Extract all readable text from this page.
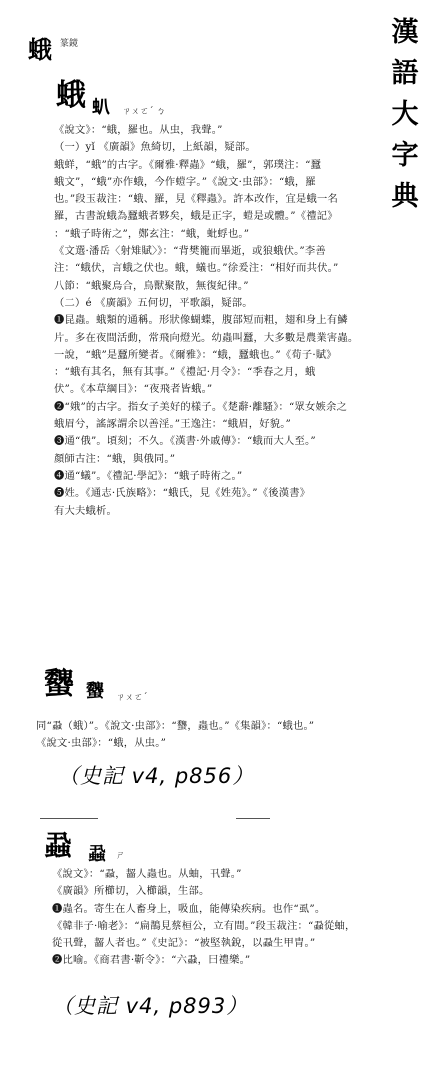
漢語大字典
蛾 篆鏡
蛾 𧈢 ㄗㄨㄛˊ ㄅ
《說文》：“蛾，羅也。从虫，我聲。”
（一）yǐ 《廣韻》魚綺切，上紙韻，疑部。
蛾蛘，“蛾”的古字。《爾雅·釋蟲》“蛾，羅”，郭璞注：“蠶
蛾文”，“蛾”亦作蛾，今作螘字。”《說文·虫部》：“蛾，羅
也。”段玉裁注：“蛾、羅，見《釋蟲》。許本改作，宜是蛾一名
羅，古書說蛾為蠶蛾者夥矣，蛾是正字，螘是或體。”《禮記》
：“蛾子時術之”，鄭玄注：“蛾，蚍蜉也。”
《文選·潘岳〈射雉賦〉》：“背樊籠而畢逝，或狼蛾伏。”李善
注：“蛾伏，言蛾之伏也。蛾，蟻也。”徐爰注：“相好而共伏。”
八節：“蛾聚烏合，鳥獸聚散，無復紀律。”
（二）é 《廣韻》五何切，平歌韻，疑部。
❶昆蟲。蛾類的通稱。形狀像蝴蝶，腹部短而粗，翅和身上有鱗
片。多在夜間活動，常飛向燈光。幼蟲叫蠶，大多數是農業害蟲。
一說，“蛾”是蠶所變者。《爾雅》：“蛾，蠶蛾也。”《荀子·賦》
：“蛾有其名，無有其事。”《禮記·月令》：“季春之月，蛾
伏”。《本草綱目》：“夜飛者皆蛾。”
❷“娥”的古字。指女子美好的樣子。《楚辭·離騷》：“眾女嫉余之
蛾眉兮，謠諑謂余以善淫。”王逸注：“蛾眉，好貌。”
❸通“俄”。頃刻；不久。《漢書·外戚傳》：“蛾而大人至。”
顏師古注：“蛾，與俄同。”
❹通“蟻”。《禮記·學記》：“蛾子時術之。”
❺姓。《通志·氏族略》：“蛾氏，見《姓苑》。”《後漢書》
有大夫蛾析。
𧕞 𧕞 ㄗㄨㄛˊ
同“蝨（蛾）”。《說文·虫部》：“𧕞，蟲也。”《集韻》：“蛾也。”
《說文·虫部》：“蛾，从虫。”
（史記 v4, p856）
蝨 蝨 ㄕ
《說文》：“蝨，齧人蟲也。从蚰，卂聲。”
《廣韻》所櫛切，入櫛韻，生部。
❶蟲名。寄生在人畜身上，吸血，能傳染疾病。也作“虱”。
《韓非子·喻老》：“扁鵲見蔡桓公，立有間。”段玉裁注：“蝨從蚰，
從卂聲，齧人者也。”《史記》：“被堅執銳，以蝨生甲胄。”
❷比喻。《商君書·靳令》：“六蝨，曰禮樂。”
（史記 v4, p893）
